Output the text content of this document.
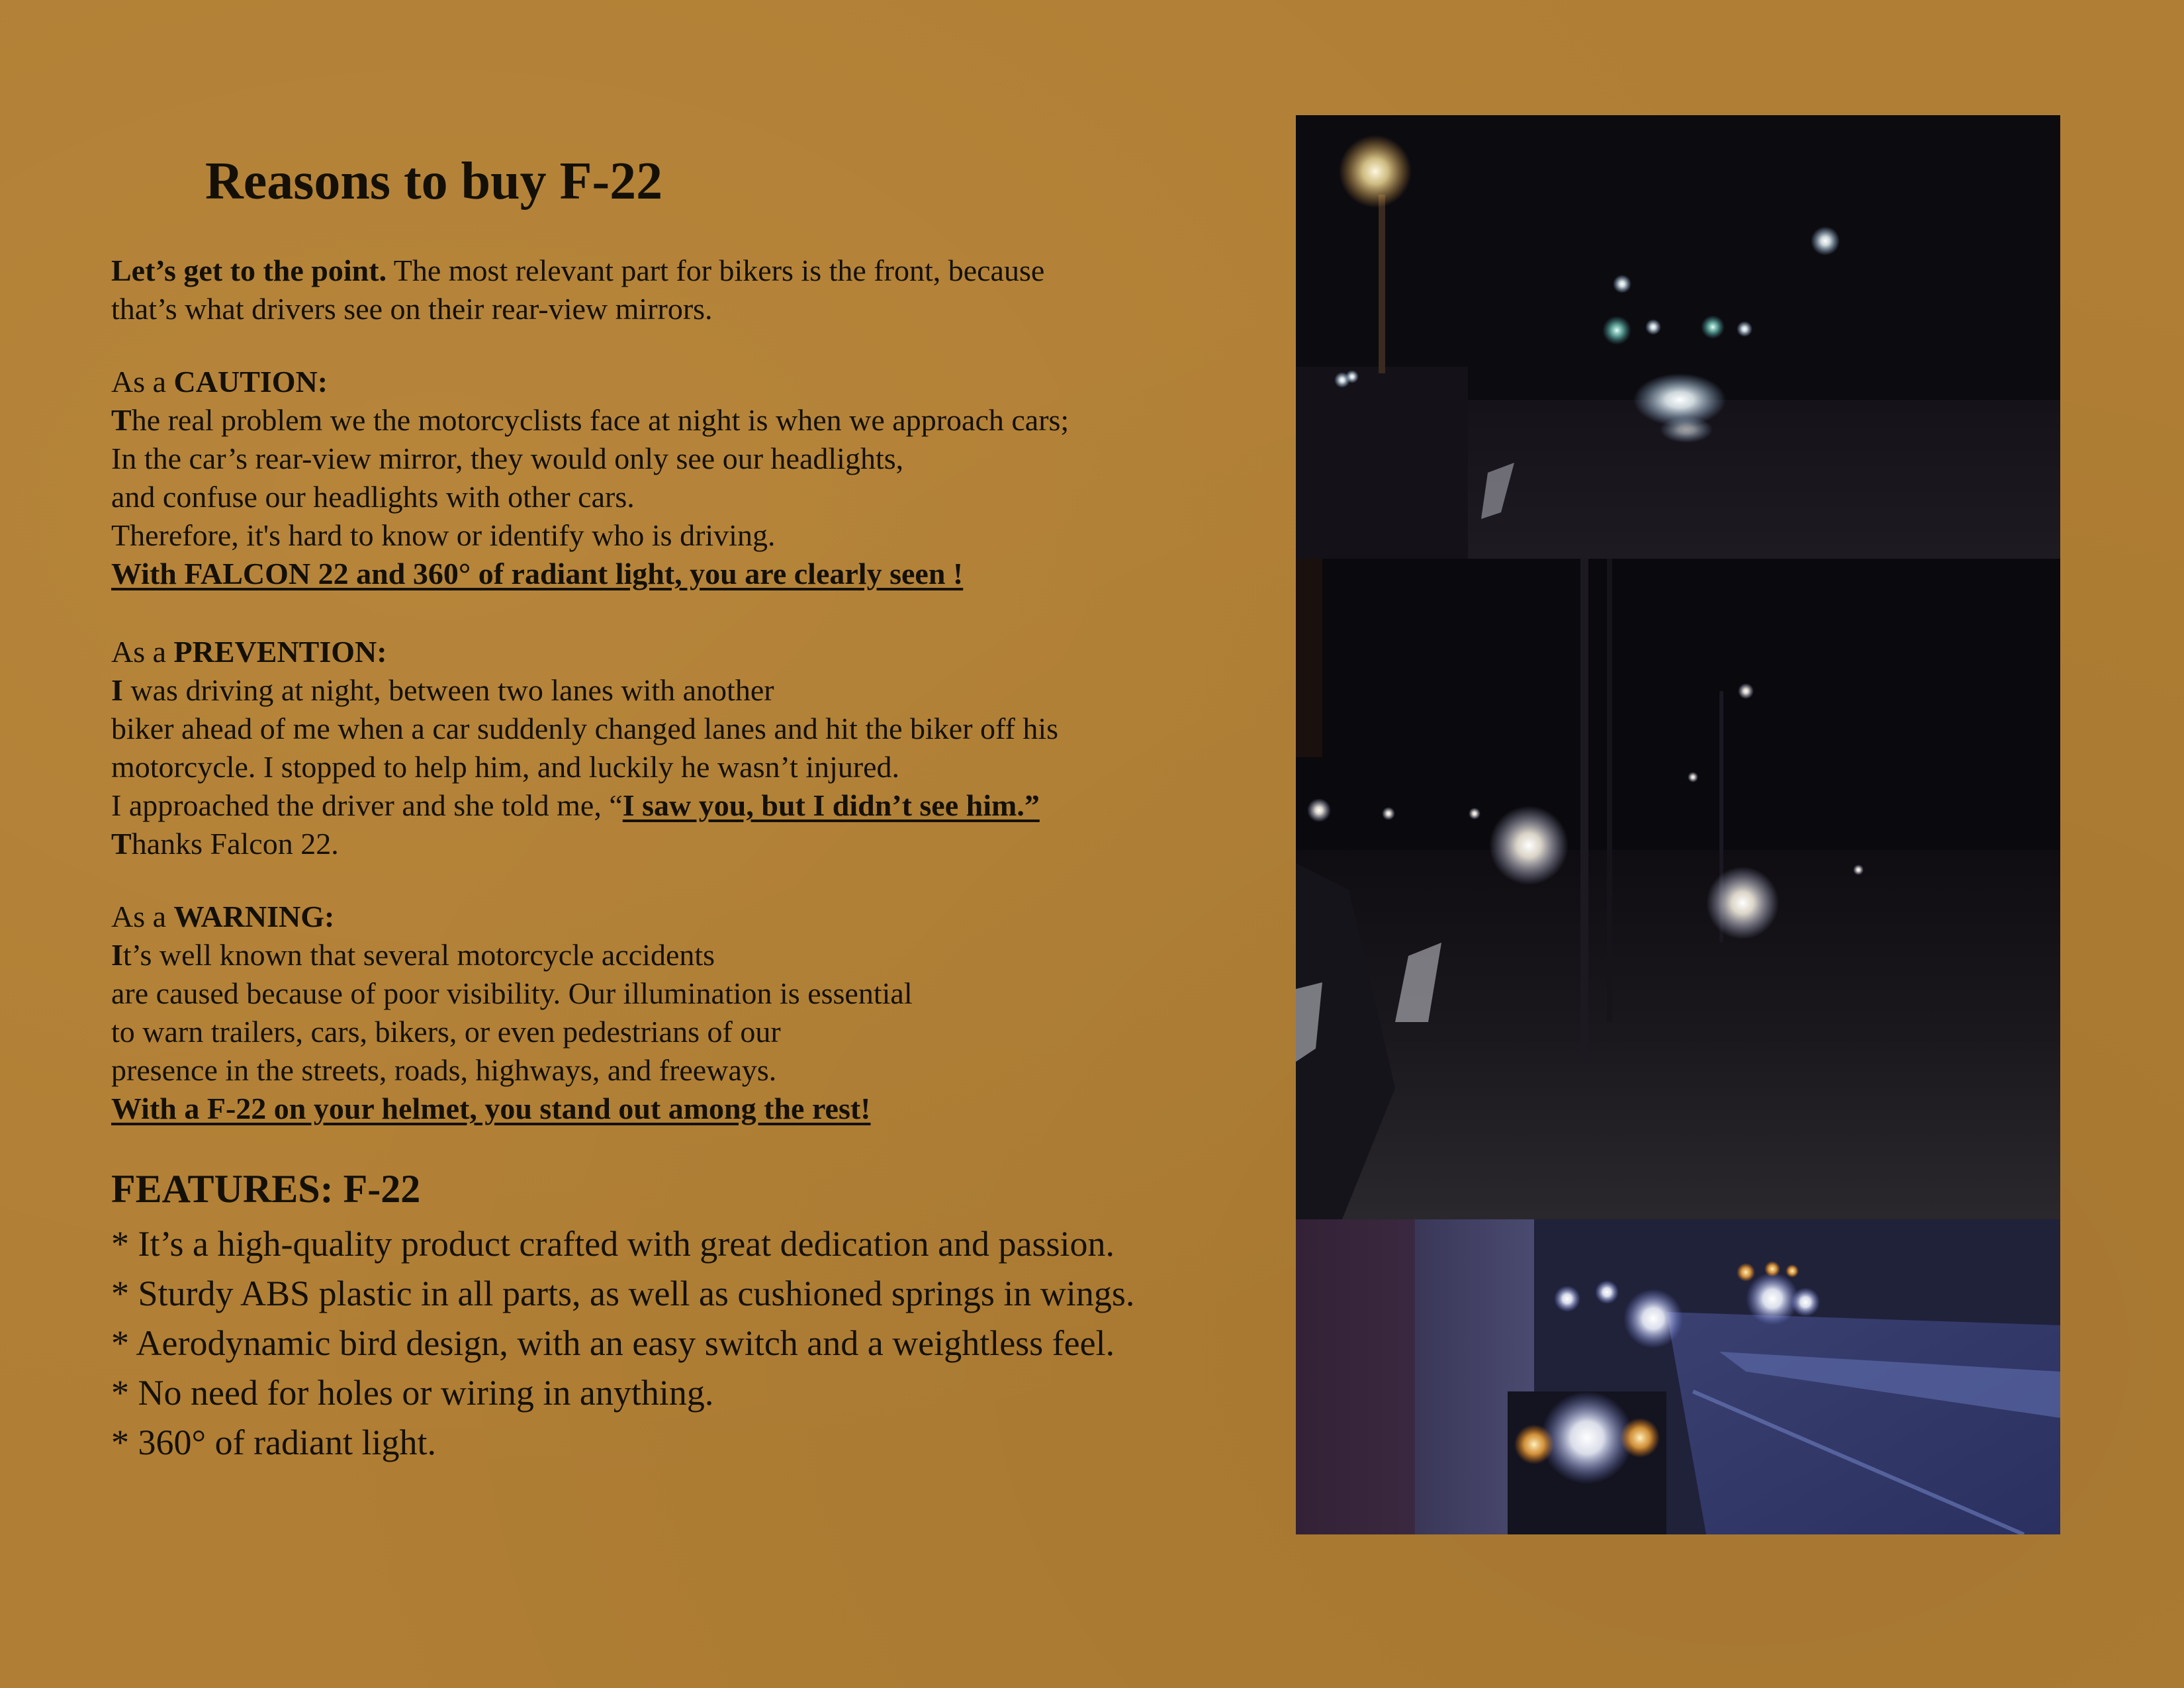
Reasons to buy F-22

Let’s get to the point. The most relevant part for bikers is the front, because

that’s what drivers see on their rear-view mirrors.

As a CAUTION:

The real problem we the motorcyclists face at night is when we approach cars;

In the car’s rear-view mirror, they would only see our headlights,

and confuse our headlights with other cars.

Therefore, it's hard to know or identify who is driving.

With FALCON 22 and 360° of radiant light, you are clearly seen !

As a PREVENTION:

I was driving at night, between two lanes with another

biker ahead of me when a car suddenly changed lanes and hit the biker off his

motorcycle. I stopped to help him, and luckily he wasn’t injured.

I approached the driver and she told me, “I saw you, but I didn’t see him.”

Thanks Falcon 22.

As a WARNING:

It’s well known that several motorcycle accidents

are caused because of poor visibility. Our illumination is essential

to warn trailers, cars, bikers, or even pedestrians of our

presence in the streets, roads, highways, and freeways.

With a F-22 on your helmet, you stand out among the rest!

FEATURES: F-22

* It’s a high-quality product crafted with great dedication and passion.

* Sturdy ABS plastic in all parts, as well as cushioned springs in wings.

* Aerodynamic bird design, with an easy switch and a weightless feel.

* No need for holes or wiring in anything.

* 360° of radiant light.
